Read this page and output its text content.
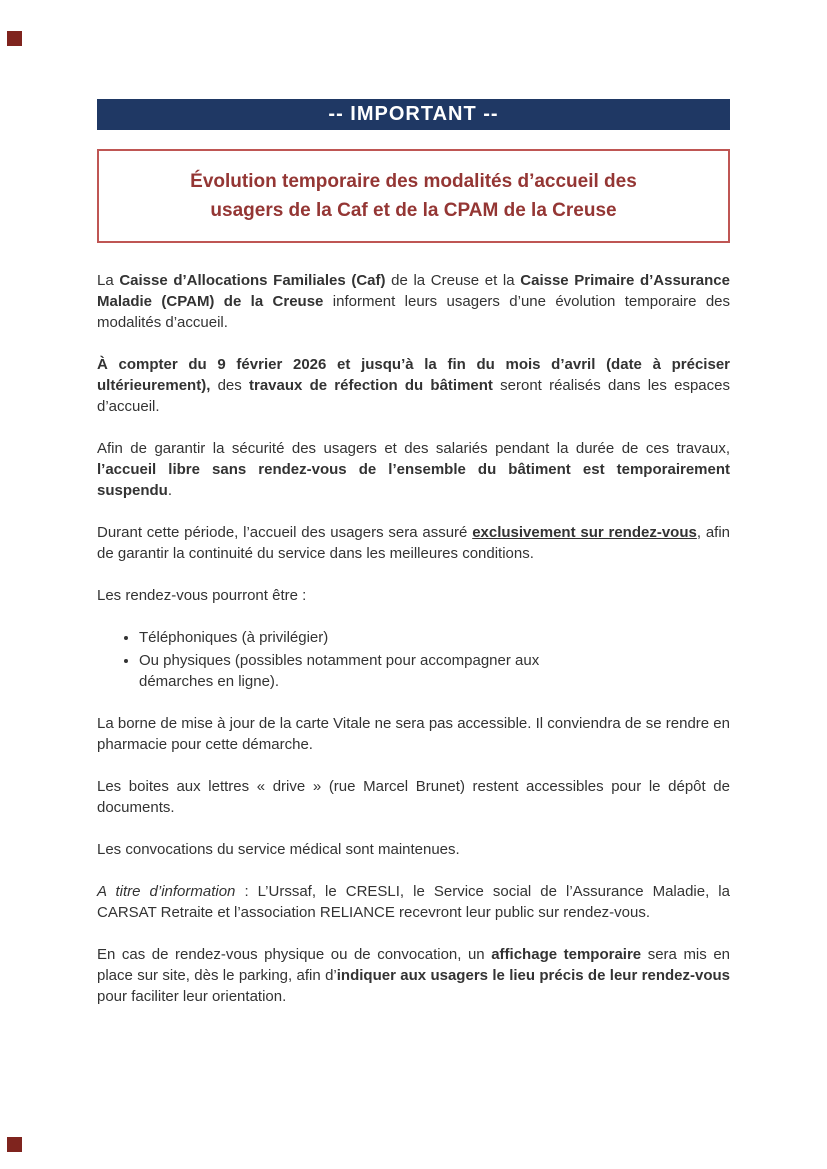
-- IMPORTANT --
Évolution temporaire des modalités d’accueil des
usagers de la Caf et de la CPAM de la Creuse

La Caisse d’Allocations Familiales (Caf) de la Creuse et la Caisse Primaire d’Assurance Maladie (CPAM) de la Creuse informent leurs usagers d’une évolution temporaire des modalités d’accueil.

À compter du 9 février 2026 et jusqu’à la fin du mois d’avril (date à préciser ultérieurement), des travaux de réfection du bâtiment seront réalisés dans les espaces d’accueil.

Afin de garantir la sécurité des usagers et des salariés pendant la durée de ces travaux, l’accueil libre sans rendez-vous de l’ensemble du bâtiment est temporairement suspendu.

Durant cette période, l’accueil des usagers sera assuré exclusivement sur rendez-vous, afin de garantir la continuité du service dans les meilleures conditions.

Les rendez-vous pourront être :

• Téléphoniques (à privilégier)
• Ou physiques (possibles notamment pour accompagner aux démarches en ligne).

La borne de mise à jour de la carte Vitale ne sera pas accessible. Il conviendra de se rendre en pharmacie pour cette démarche.

Les boites aux lettres « drive » (rue Marcel Brunet) restent accessibles pour le dépôt de documents.

Les convocations du service médical sont maintenues.

A titre d’information : L’Urssaf, le CRESLI, le Service social de l’Assurance Maladie, la CARSAT Retraite et l’association RELIANCE recevront leur public sur rendez-vous.

En cas de rendez-vous physique ou de convocation, un affichage temporaire sera mis en place sur site, dès le parking, afin d’indiquer aux usagers le lieu précis de leur rendez-vous pour faciliter leur orientation.
